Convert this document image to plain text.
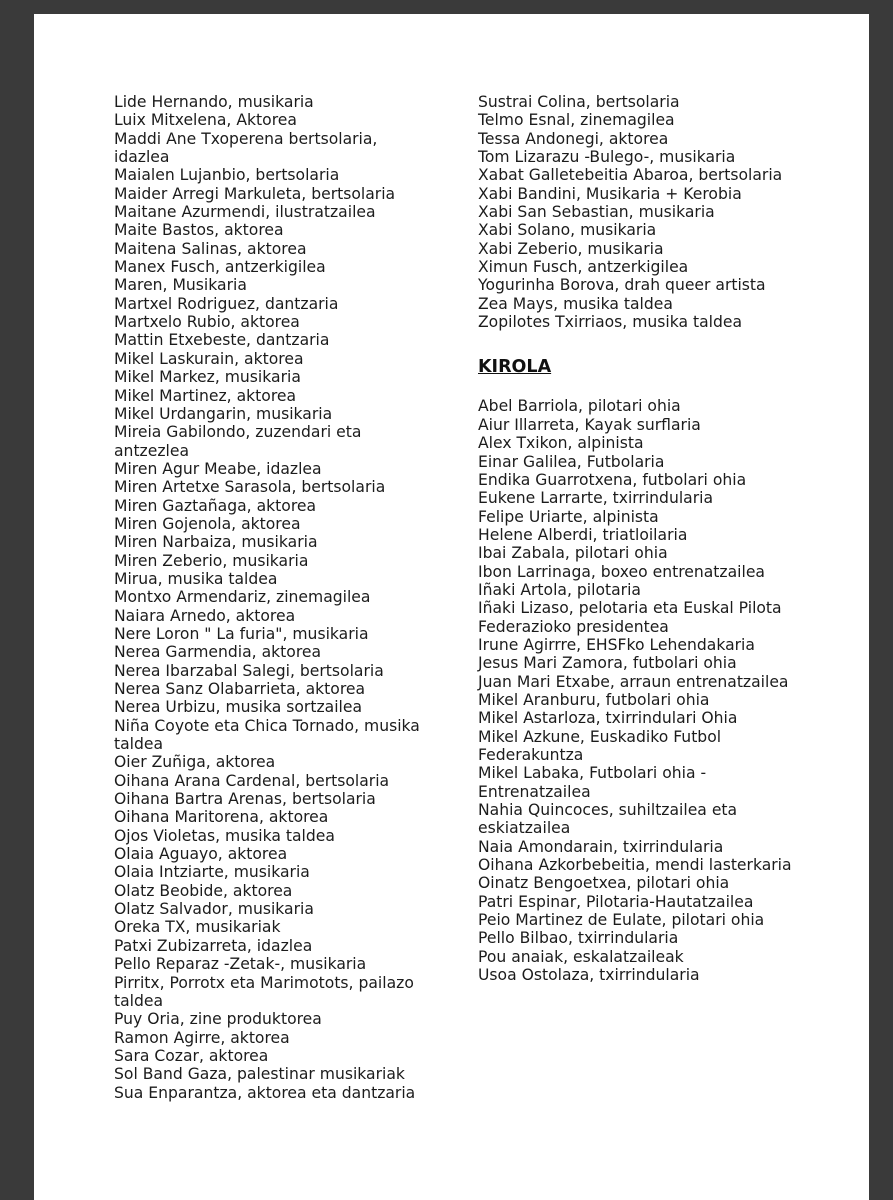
Lide Hernando, musikaria
Luix Mitxelena, Aktorea
Maddi Ane Txoperena bertsolaria, idazlea
Maialen Lujanbio, bertsolaria
Maider Arregi Markuleta, bertsolaria
Maitane Azurmendi, ilustratzailea
Maite Bastos, aktorea
Maitena Salinas, aktorea
Manex Fusch, antzerkigilea
Maren, Musikaria
Martxel Rodriguez, dantzaria
Martxelo Rubio, aktorea
Mattin Etxebeste, dantzaria
Mikel Laskurain, aktorea
Mikel Markez, musikaria
Mikel Martinez, aktorea
Mikel Urdangarin, musikaria
Mireia Gabilondo, zuzendari eta antzezlea
Miren Agur Meabe, idazlea
Miren Artetxe Sarasola, bertsolaria
Miren Gaztañaga, aktorea
Miren Gojenola, aktorea
Miren Narbaiza, musikaria
Miren Zeberio, musikaria
Mirua, musika taldea
Montxo Armendariz, zinemagilea
Naiara Arnedo, aktorea
Nere Loron " La furia", musikaria
Nerea Garmendia, aktorea
Nerea Ibarzabal Salegi, bertsolaria
Nerea Sanz Olabarrieta, aktorea
Nerea Urbizu, musika sortzailea
Niña Coyote eta Chica Tornado, musika taldea
Oier Zuñiga, aktorea
Oihana Arana Cardenal, bertsolaria
Oihana Bartra Arenas, bertsolaria
Oihana Maritorena, aktorea
Ojos Violetas, musika taldea
Olaia Aguayo, aktorea
Olaia Intziarte, musikaria
Olatz Beobide, aktorea
Olatz Salvador, musikaria
Oreka TX, musikariak
Patxi Zubizarreta, idazlea
Pello Reparaz -Zetak-, musikaria
Pirritx, Porrotx eta Marimotots, pailazo taldea
Puy Oria, zine produktorea
Ramon Agirre, aktorea
Sara Cozar, aktorea
Sol Band Gaza, palestinar musikariak
Sua Enparantza, aktorea eta dantzaria
Sustrai Colina, bertsolaria
Telmo Esnal, zinemagilea
Tessa Andonegi, aktorea
Tom Lizarazu -Bulego-, musikaria
Xabat Galletebeitia Abaroa, bertsolaria
Xabi Bandini, Musikaria + Kerobia
Xabi San Sebastian, musikaria
Xabi Solano, musikaria
Xabi Zeberio, musikaria
Ximun Fusch, antzerkigilea
Yogurinha Borova, drah queer artista
Zea Mays, musika taldea
Zopilotes Txirriaos, musika taldea
KIROLA
Abel Barriola, pilotari ohia
Aiur Illarreta, Kayak surflaria
Alex Txikon, alpinista
Einar Galilea, Futbolaria
Endika Guarrotxena, futbolari ohia
Eukene Larrarte, txirrindularia
Felipe Uriarte, alpinista
Helene Alberdi, triatloilaria
Ibai Zabala, pilotari ohia
Ibon Larrinaga, boxeo entrenatzailea
Iñaki Artola, pilotaria
Iñaki Lizaso, pelotaria eta Euskal Pilota Federazioko presidentea
Irune Agirrre, EHSFko Lehendakaria
Jesus Mari Zamora, futbolari ohia
Juan Mari Etxabe, arraun entrenatzailea
Mikel Aranburu, futbolari ohia
Mikel Astarloza, txirrindulari Ohia
Mikel Azkune, Euskadiko Futbol Federakuntza
Mikel Labaka, Futbolari ohia - Entrenatzailea
Nahia Quincoces, suhiltzailea eta eskiatzailea
Naia Amondarain, txirrindularia
Oihana Azkorbebeitia, mendi lasterkaria
Oinatz Bengoetxea, pilotari ohia
Patri Espinar, Pilotaria-Hautatzailea
Peio Martinez de Eulate, pilotari ohia
Pello Bilbao, txirrindularia
Pou anaiak, eskalatzaileak
Usoa Ostolaza, txirrindularia
